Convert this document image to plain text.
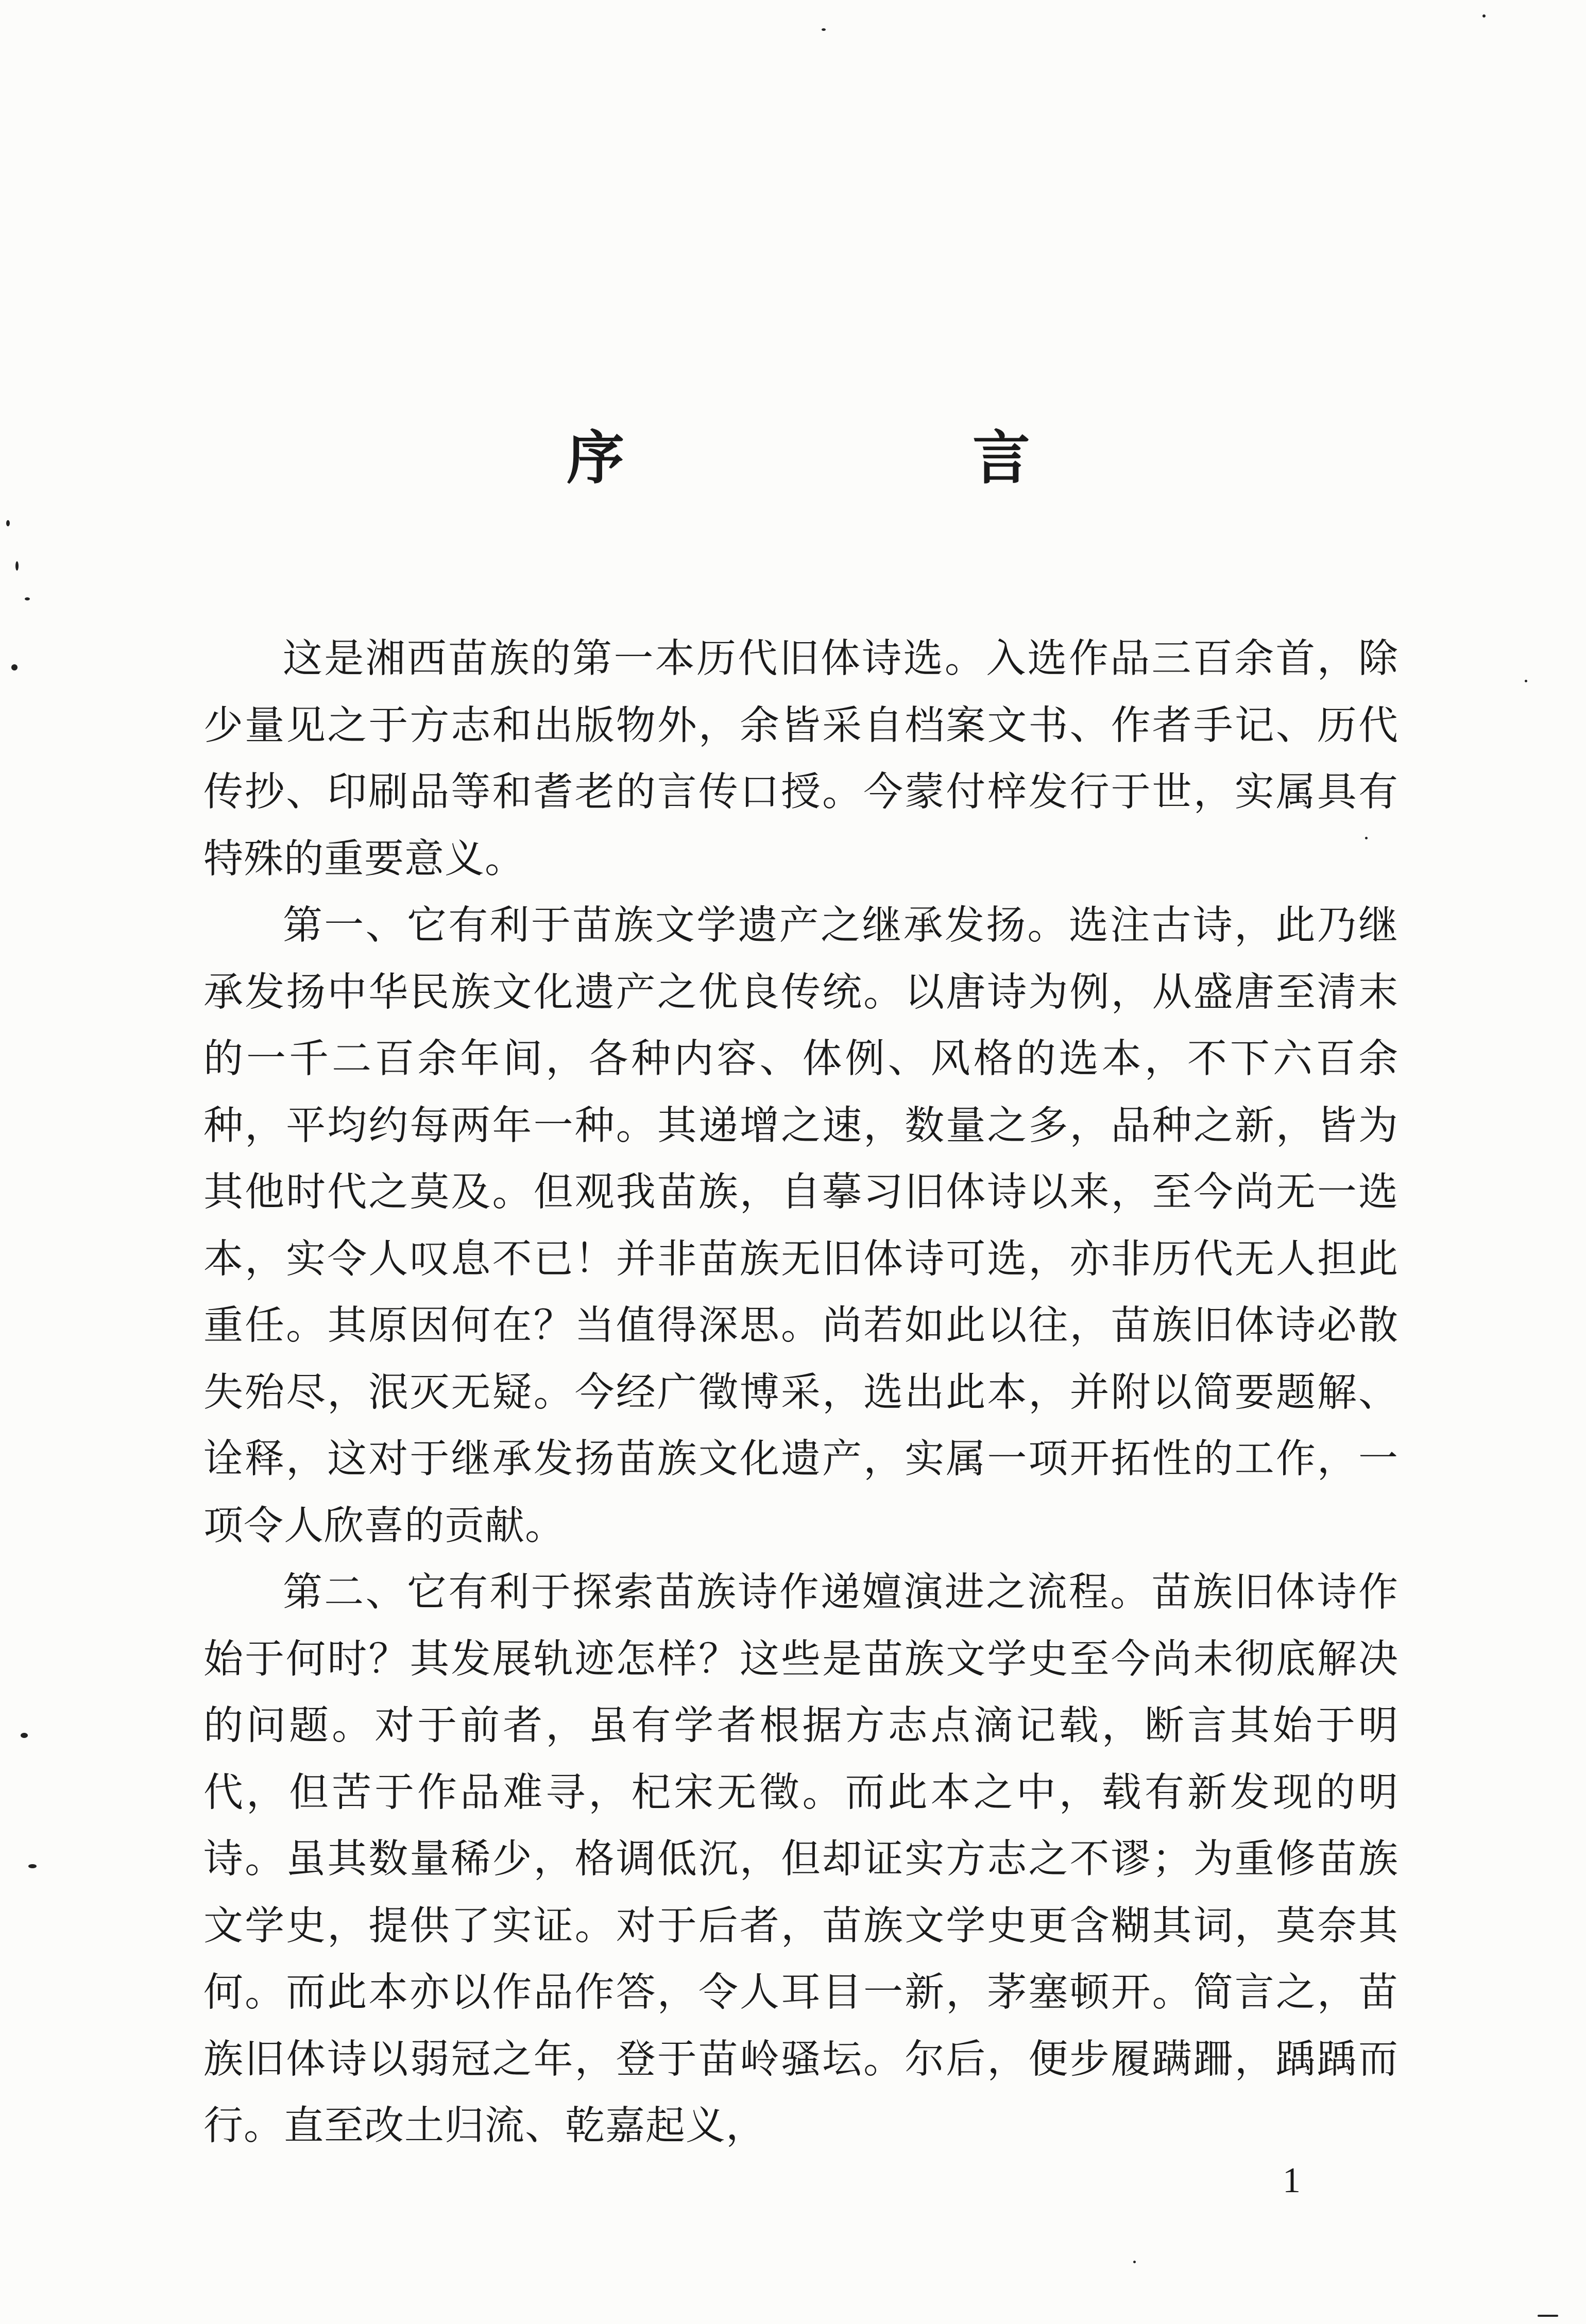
序	言

这是湘西苗族的第一本历代旧体诗选。入选作品三百余首，除少量见之于方志和出版物外，余皆采自档案文书、作者手记、历代传抄、印刷品等和耆老的言传口授。今蒙付梓发行于世，实属具有特殊的重要意义。

第一、它有利于苗族文学遗产之继承发扬。选注古诗，此乃继承发扬中华民族文化遗产之优良传统。以唐诗为例，从盛唐至清末的一千二百余年间，各种内容、体例、风格的选本，不下六百余种，平均约每两年一种。其递增之速，数量之多，品种之新，皆为其他时代之莫及。但观我苗族，自摹习旧体诗以来，至今尚无一选本，实令人叹息不已！并非苗族无旧体诗可选，亦非历代无人担此重任。其原因何在？当值得深思。尚若如此以往，苗族旧体诗必散失殆尽，泯灭无疑。今经广徵博采，选出此本，并附以简要题解、诠释，这对于继承发扬苗族文化遗产，实属一项开拓性的工作，一项令人欣喜的贡献。

第二、它有利于探索苗族诗作递嬗演进之流程。苗族旧体诗作始于何时？其发展轨迹怎样？这些是苗族文学史至今尚未彻底解决的问题。对于前者，虽有学者根据方志点滴记载，断言其始于明代，但苦于作品难寻，杞宋无徵。而此本之中，载有新发现的明诗。虽其数量稀少，格调低沉，但却证实方志之不谬；为重修苗族文学史，提供了实证。对于后者，苗族文学史更含糊其词，莫奈其何。而此本亦以作品作答，令人耳目一新，茅塞顿开。简言之，苗族旧体诗以弱冠之年，登于苗岭骚坛。尔后，便步履蹒跚，踽踽而行。直至改土归流、乾嘉起义，

1
